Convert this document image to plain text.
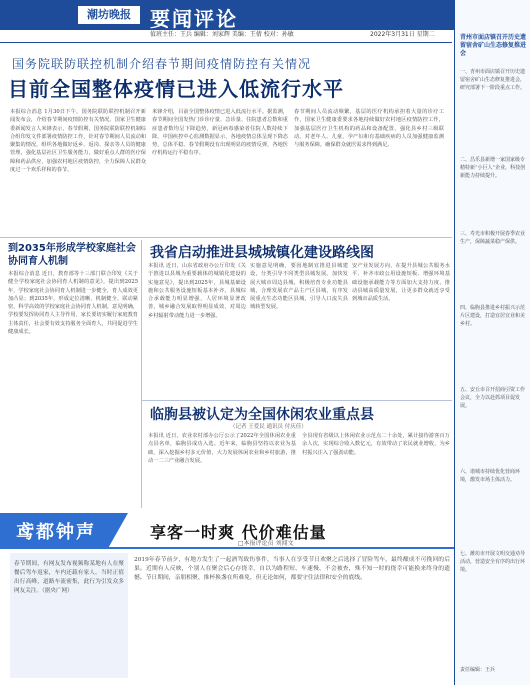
潮坊晚报 要闻评论
值班主任：王兵 编辑：刘家辉 美编：王倩 校对：孙敏	2022年3月31日 星期二
国务院联防联控机制介绍春节期间疫情防控有关情况
目前全国整体疫情已进入低流行水平
本报综合消息 1月30日下午，国务院联防联控机制召开新闻发布会，介绍春节期间疫情防控有关情况。国家卫生健康委新闻发言人米锋表示，春节假期，国务院联防联控机制综合组印发文件部署疫情防控工作，针对春节期间人员流动和聚集的情况，组织各地做好返乡、返岗、探亲等人员的健康管理，强化基层社区卫生服务能力，做好重点人群的医疗保障和药品供应，加强农村地区疫情防控，全力保障人民群众度过一个欢乐祥和的春节。
米锋介绍，目前全国整体疫情已进入低流行水平。据监测，春节期间全国发热门诊诊疗量、急诊量、住院患者总数和重症患者数均呈下降趋势，新冠病毒感染者住院人数持续下降。中国疾控中心监测数据显示，各地疫情总体呈现下降态势，总体平稳。春节假期没有出现明显的疫情反弹，各地医疗机构运行平稳有序。
春节期间人员流动频繁，基层的医疗机构承担着大量的诊疗工作，国家卫生健康委要求各地持续做好农村地区疫情防控工作，加强基层医疗卫生机构的药品和设备配置，强化县乡村三级联动。对老年人、儿童、孕产妇和有基础疾病的人员加强健康监测与服务保障，确保群众就医需求得到满足。
到2035年形成学校家庭社会协同育人机制
本报综合消息 近日，教育部等十三部门联合印发《关于健全学校家庭社会协同育人机制的意见》，提出到2025年，学校家庭社会协同育人机制进一步健全，育人成效更加凸显；到2035年，形成定位清晰、机制健全、联动紧密、科学高效的学校家庭社会协同育人机制。意见明确，学校要发挥协同育人主导作用，家长要切实履行家庭教育主体责任，社会要有效支持服务全面育人，共同促进学生健康成长。
我省启动推进县城城镇化建设路线图
本报讯 近日，山东省政府办公厅印发《关于推进以县城为重要载体的城镇化建设的实施意见》，提出到2025年，县城基础设施和公共服务设施短板基本补齐，县城综合承载能力明显增强，人居环境显著改善，城乡融合发展取得明显成效，对周边乡村辐射带动能力进一步增强。
实施意见明确，要因地制宜推进县城建设，分类引导不同类型县城发展。加快发展大城市周边县城，积极培育专业功能县城，合理发展农产品主产区县城，有序发展重点生态功能区县城，引导人口流失县城转型发展。
安产业发展方向，在提升县城公共服务水平、补齐市政公用设施短板、增强环境基础设施承载能力等方面加大支持力度，推动县城高质量发展，让更多群众就近享受到城市品质生活。
临朐县被认定为全国休闲农业重点县
（记者 王爱民 通讯员 付庆佳）
本报讯 近日，农业农村部办公厅公示了2022年全国休闲农业重点县名单，临朐县成功入选。近年来，临朐县坚持以农业为基础，深入挖掘乡村多元价值，大力发展休闲农业和乡村旅游，推动一二三产业融合发展。
全县现有省级以上休闲农业示范点二十余处，累计接待游客百万余人次，实现综合收入数亿元，有效带动了农民就业增收，为乡村振兴注入了强劲动能。
鸢都钟声	享客一时爽 代价难估量
□本报评论员 刘闻文
春节期间，有网友发布视频称某地有人在聚餐后驾车返家，车内还载有家人。当时正值出行高峰，道路车流密集，此行为引发众多网友关注。（据央广网）
2019年春节前夕，有地方发生了一起酒驾致伤事件，当事人在享受节日欢聚之后选择了冒险驾车，最终酿成不可挽回的后果。近期有人反映，个别人在聚会后心存侥幸，自以为路程短、车速慢、不会被查，殊不知一时的侥幸可能换来终身的遗憾。节日期间，亲朋相聚、推杯换盏在所难免，但无论如何，都要守住法律和安全的底线。
青州市面店镇召开历史遗留宿舍矿山生态修复推进会
一、青州市面店镇召开历史遗留宿舍矿山生态修复推进会，研究部署下一阶段重点工作。
二、昌乐县新增一家国家级专精特新“小巨人”企业，科技创新能力持续提升。
三、寿光市积极开展春季农业生产，保障蔬菜稳产保供。
四、临朐县推进乡村振兴示范片区建设，打造宜居宜业和美乡村。
五、安丘市召开招商引资工作会议，全力以赴抓项目促发展。
六、诸城市持续优化营商环境，激发市场主体活力。
七、潍坊市开展文明交通劝导活动，营造安全有序的出行环境。
责任编辑：王兵
